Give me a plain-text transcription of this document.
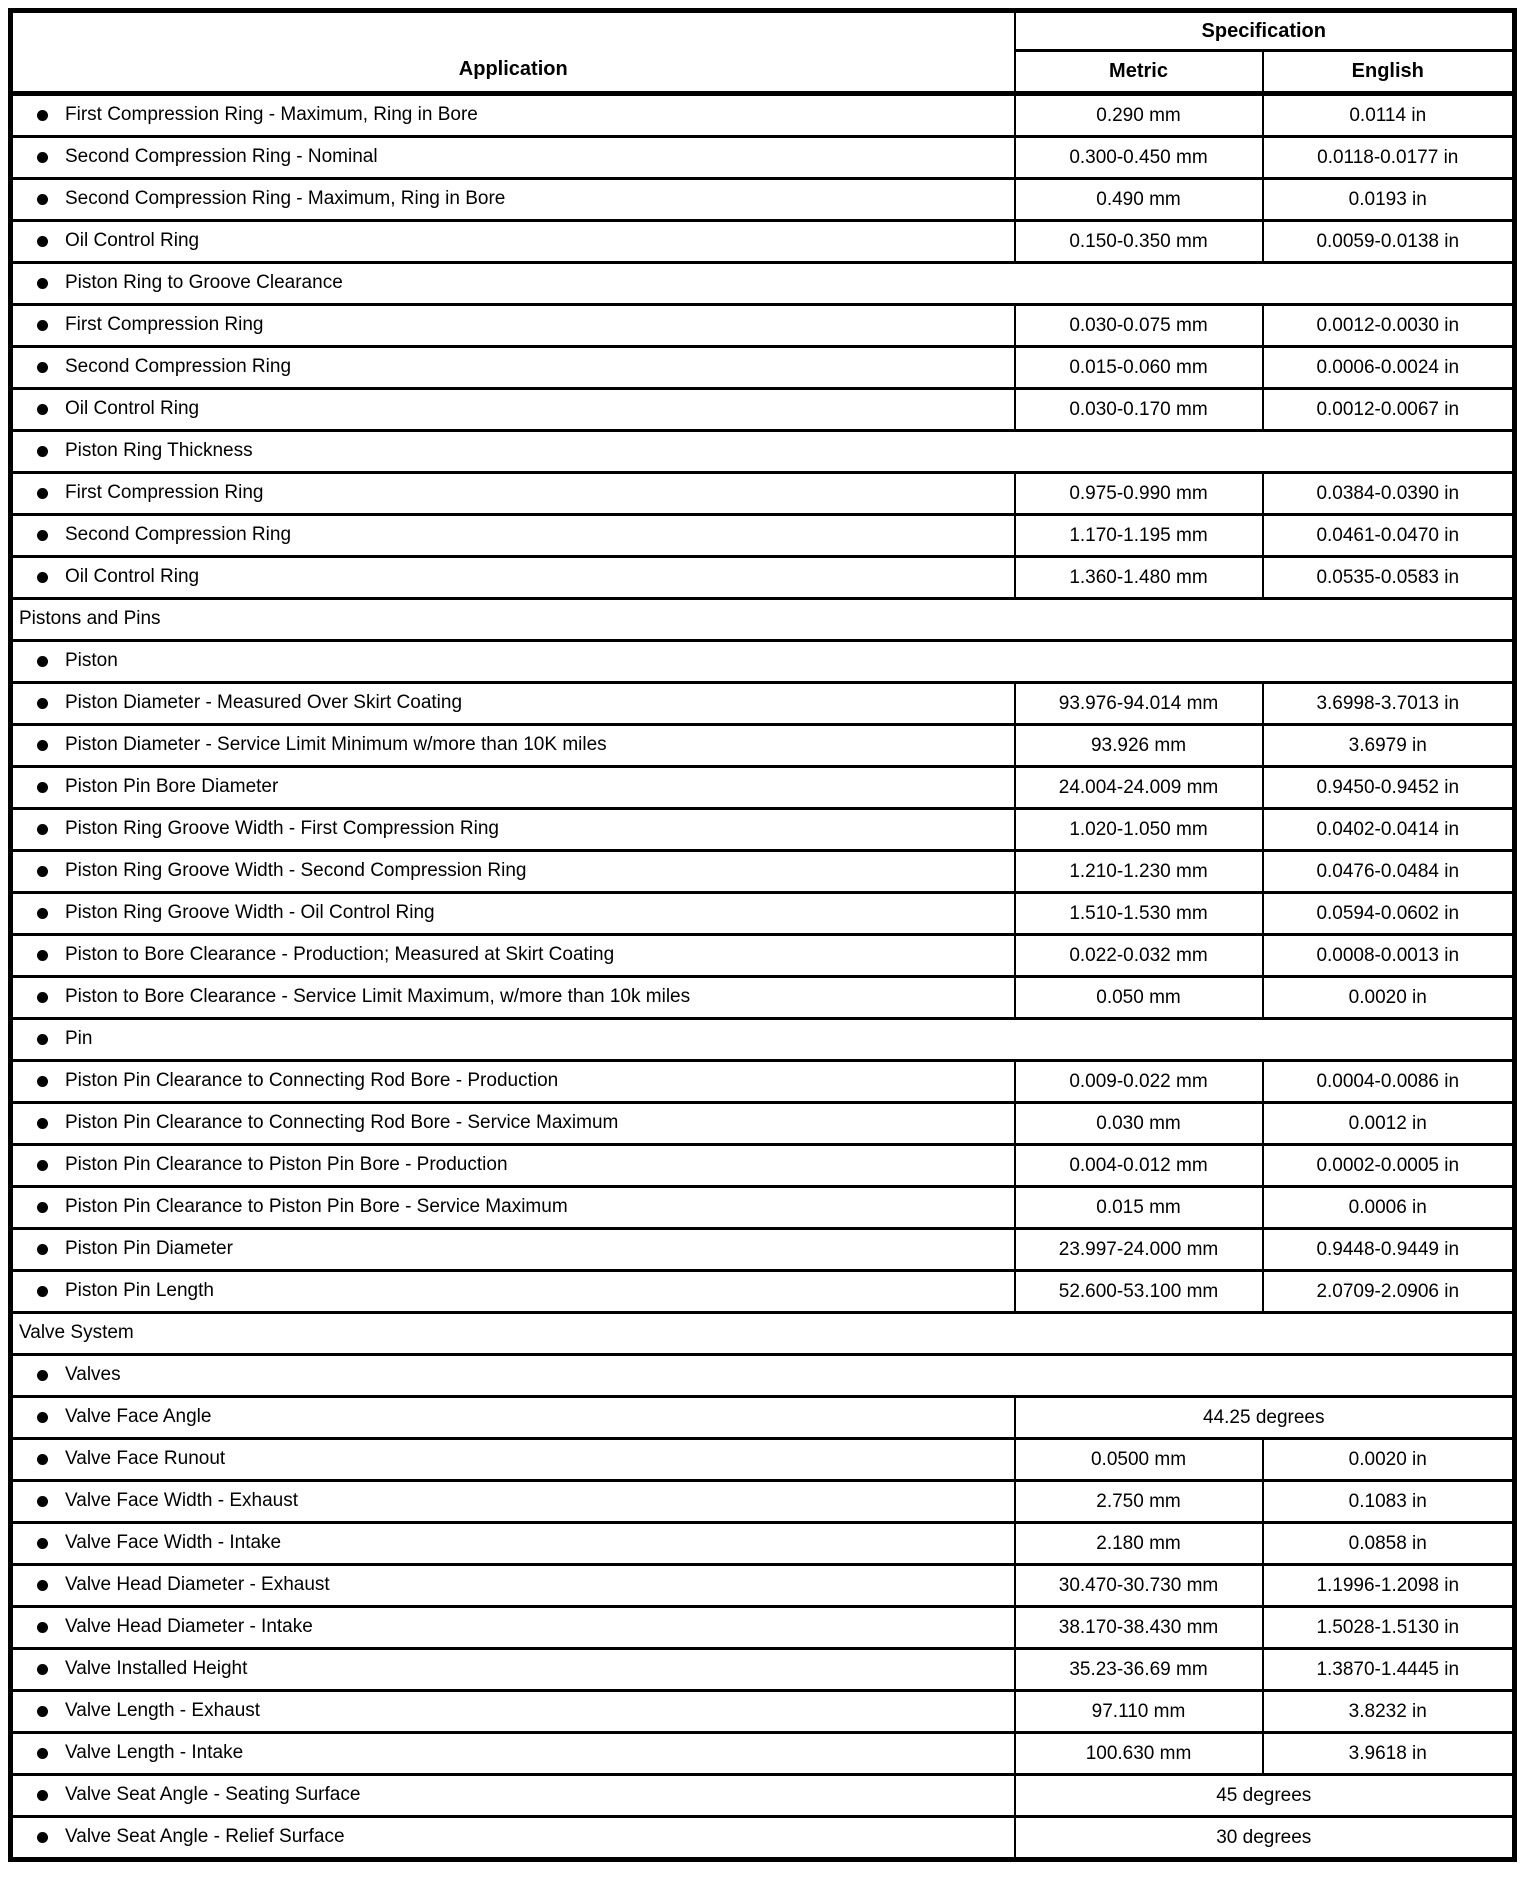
Application	Specification	
	Metric	English
First Compression Ring - Maximum, Ring in Bore	0.290 mm	0.0114 in
Second Compression Ring - Nominal	0.300-0.450 mm	0.0118-0.0177 in
Second Compression Ring - Maximum, Ring in Bore	0.490 mm	0.0193 in
Oil Control Ring	0.150-0.350 mm	0.0059-0.0138 in
Piston Ring to Groove Clearance		
First Compression Ring	0.030-0.075 mm	0.0012-0.0030 in
Second Compression Ring	0.015-0.060 mm	0.0006-0.0024 in
Oil Control Ring	0.030-0.170 mm	0.0012-0.0067 in
Piston Ring Thickness		
First Compression Ring	0.975-0.990 mm	0.0384-0.0390 in
Second Compression Ring	1.170-1.195 mm	0.0461-0.0470 in
Oil Control Ring	1.360-1.480 mm	0.0535-0.0583 in
Pistons and Pins		
Piston		
Piston Diameter - Measured Over Skirt Coating	93.976-94.014 mm	3.6998-3.7013 in
Piston Diameter - Service Limit Minimum w/more than 10K miles	93.926 mm	3.6979 in
Piston Pin Bore Diameter	24.004-24.009 mm	0.9450-0.9452 in
Piston Ring Groove Width - First Compression Ring	1.020-1.050 mm	0.0402-0.0414 in
Piston Ring Groove Width - Second Compression Ring	1.210-1.230 mm	0.0476-0.0484 in
Piston Ring Groove Width - Oil Control Ring	1.510-1.530 mm	0.0594-0.0602 in
Piston to Bore Clearance - Production; Measured at Skirt Coating	0.022-0.032 mm	0.0008-0.0013 in
Piston to Bore Clearance - Service Limit Maximum, w/more than 10k miles	0.050 mm	0.0020 in
Pin		
Piston Pin Clearance to Connecting Rod Bore - Production	0.009-0.022 mm	0.0004-0.0086 in
Piston Pin Clearance to Connecting Rod Bore - Service Maximum	0.030 mm	0.0012 in
Piston Pin Clearance to Piston Pin Bore - Production	0.004-0.012 mm	0.0002-0.0005 in
Piston Pin Clearance to Piston Pin Bore - Service Maximum	0.015 mm	0.0006 in
Piston Pin Diameter	23.997-24.000 mm	0.9448-0.9449 in
Piston Pin Length	52.600-53.100 mm	2.0709-2.0906 in
Valve System		
Valves		
Valve Face Angle	44.25 degrees	
Valve Face Runout	0.0500 mm	0.0020 in
Valve Face Width - Exhaust	2.750 mm	0.1083 in
Valve Face Width - Intake	2.180 mm	0.0858 in
Valve Head Diameter - Exhaust	30.470-30.730 mm	1.1996-1.2098 in
Valve Head Diameter - Intake	38.170-38.430 mm	1.5028-1.5130 in
Valve Installed Height	35.23-36.69 mm	1.3870-1.4445 in
Valve Length - Exhaust	97.110 mm	3.8232 in
Valve Length - Intake	100.630 mm	3.9618 in
Valve Seat Angle - Seating Surface	45 degrees	
Valve Seat Angle - Relief Surface	30 degrees	
